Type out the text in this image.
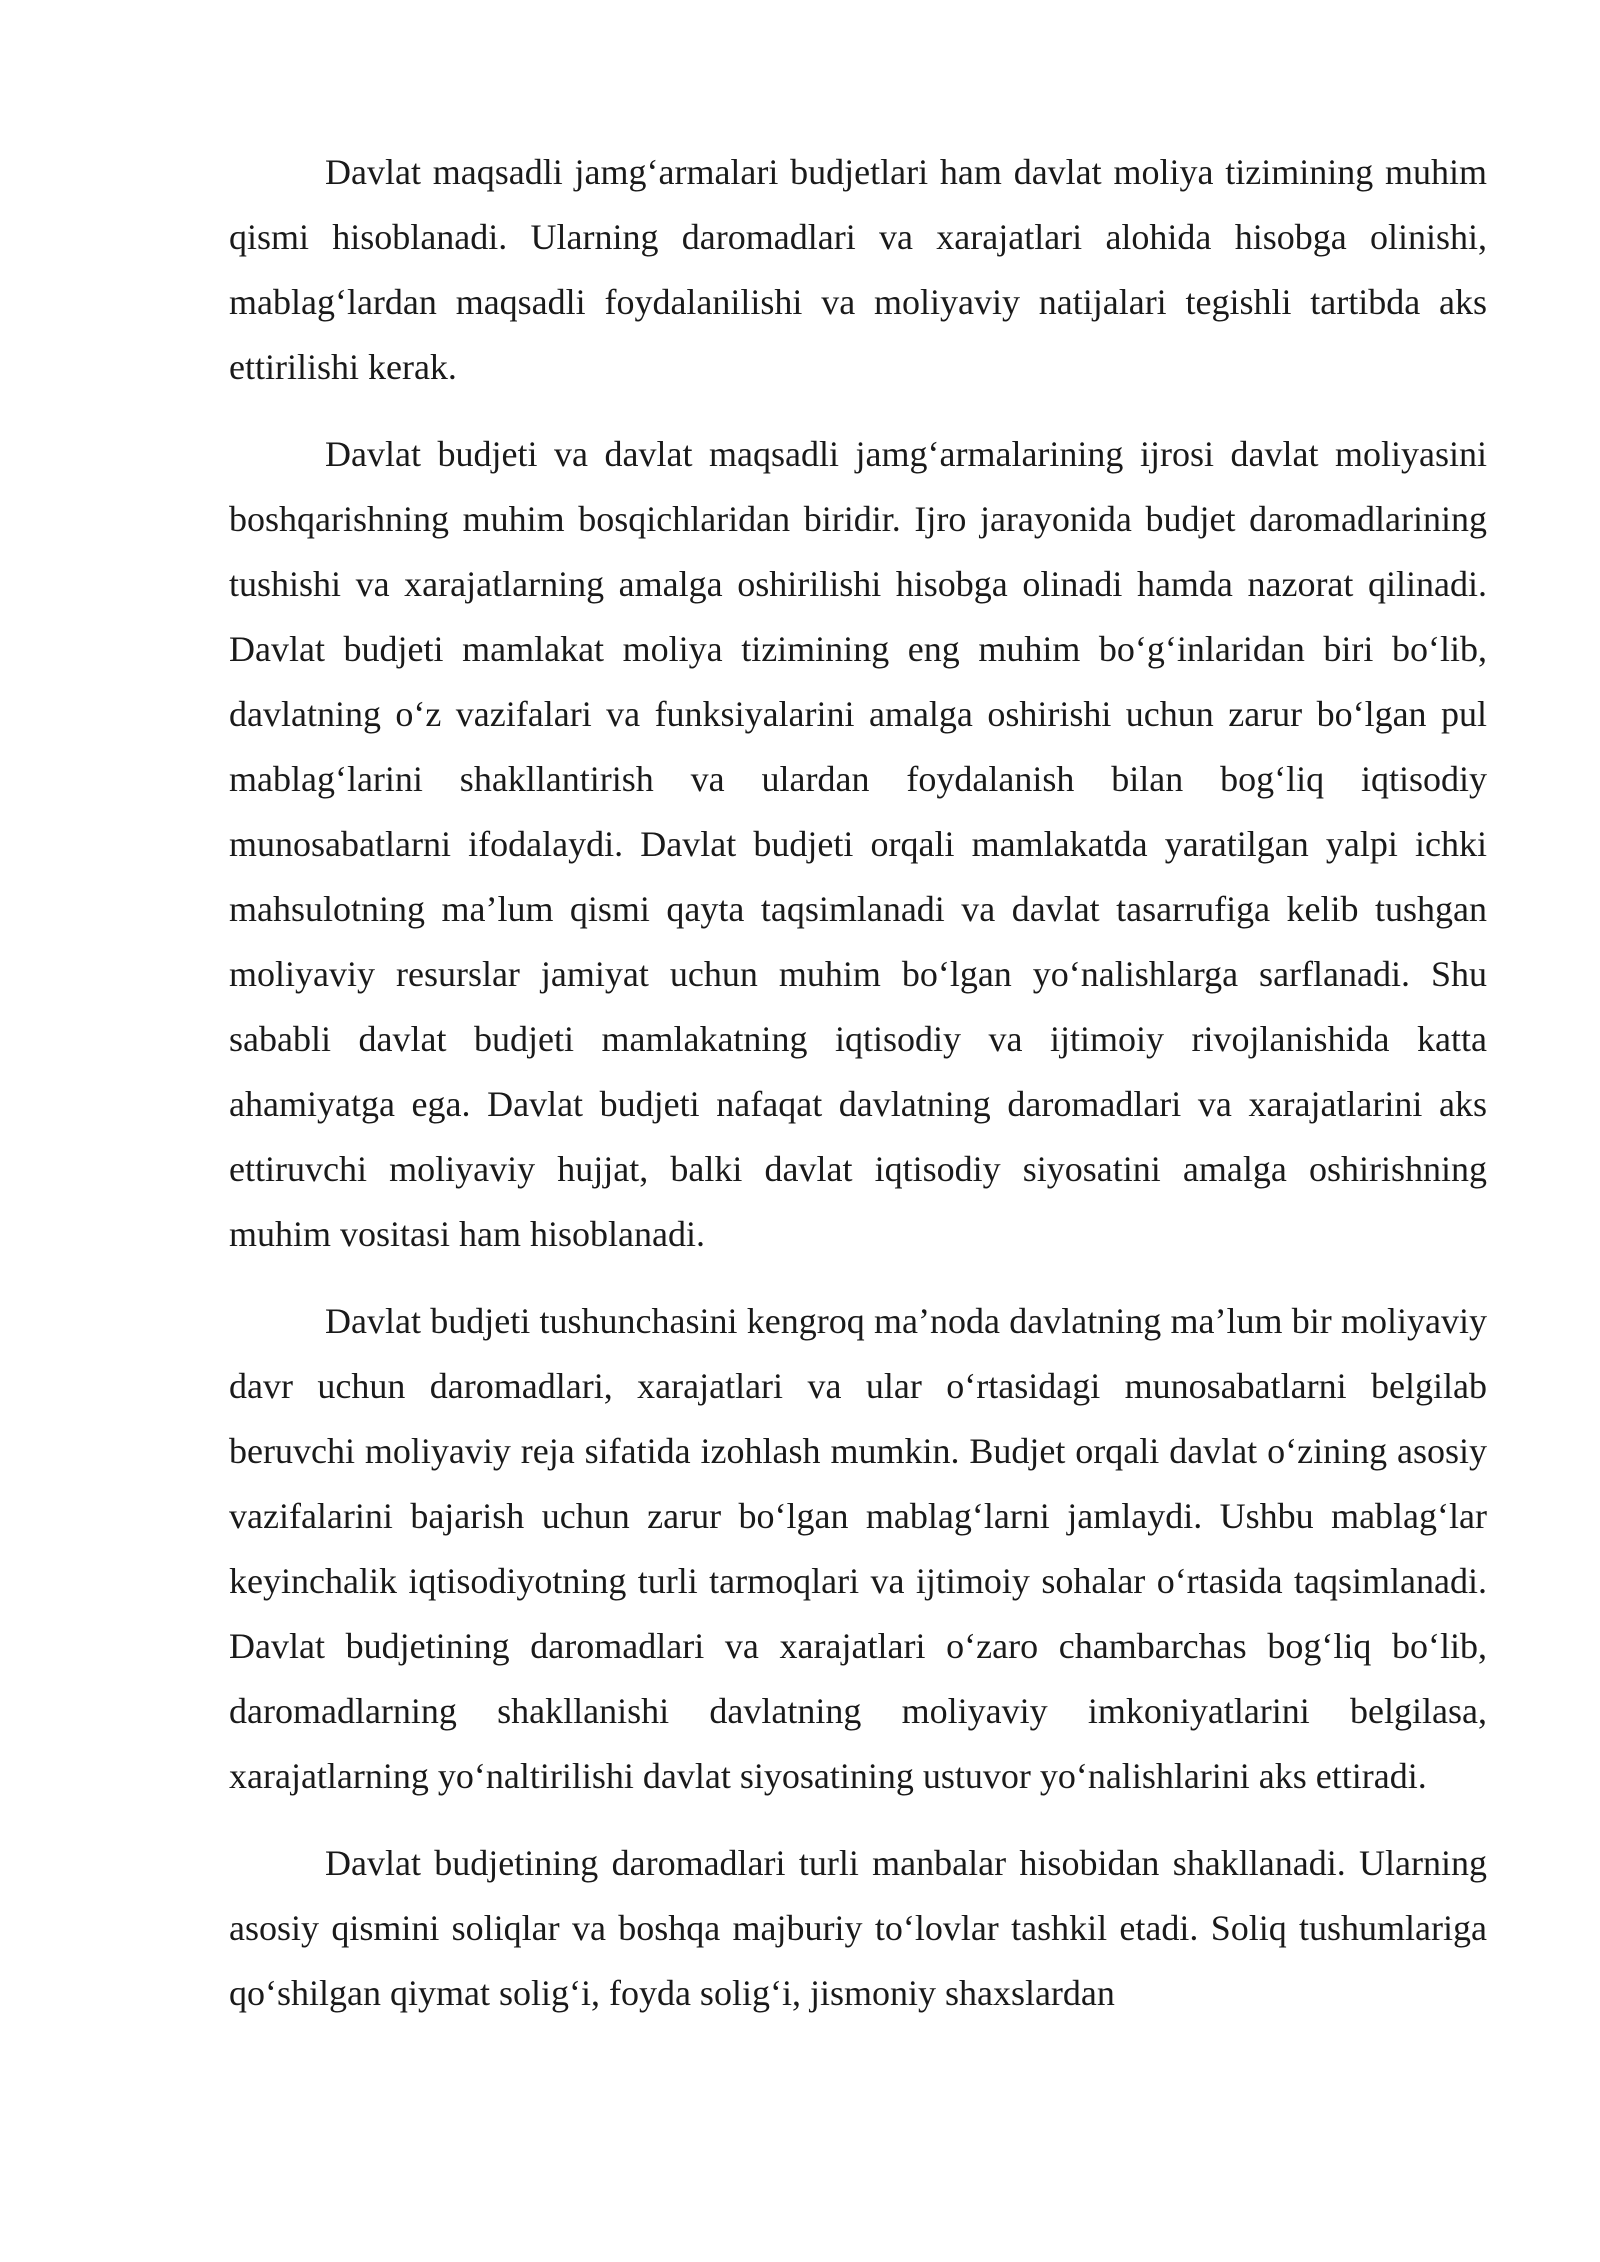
Davlat maqsadli jamg‘armalari budjetlari ham davlat moliya tizimining muhim qismi hisoblanadi. Ularning daromadlari va xarajatlari alohida hisobga olinishi, mablag‘lardan maqsadli foydalanilishi va moliyaviy natijalari tegishli tartibda aks ettirilishi kerak.

Davlat budjeti va davlat maqsadli jamg‘armalarining ijrosi davlat moliyasini boshqarishning muhim bosqichlaridan biridir. Ijro jarayonida budjet daromadlarining tushishi va xarajatlarning amalga oshirilishi hisobga olinadi hamda nazorat qilinadi. Davlat budjeti mamlakat moliya tizimining eng muhim bo‘g‘inlaridan biri bo‘lib, davlatning o‘z vazifalari va funksiyalarini amalga oshirishi uchun zarur bo‘lgan pul mablag‘larini shakllantirish va ulardan foydalanish bilan bog‘liq iqtisodiy munosabatlarni ifodalaydi. Davlat budjeti orqali mamlakatda yaratilgan yalpi ichki mahsulotning ma’lum qismi qayta taqsimlanadi va davlat tasarrufiga kelib tushgan moliyaviy resurslar jamiyat uchun muhim bo‘lgan yo‘nalishlarga sarflanadi. Shu sababli davlat budjeti mamlakatning iqtisodiy va ijtimoiy rivojlanishida katta ahamiyatga ega. Davlat budjeti nafaqat davlatning daromadlari va xarajatlarini aks ettiruvchi moliyaviy hujjat, balki davlat iqtisodiy siyosatini amalga oshirishning muhim vositasi ham hisoblanadi.

Davlat budjeti tushunchasini kengroq ma’noda davlatning ma’lum bir moliyaviy davr uchun daromadlari, xarajatlari va ular o‘rtasidagi munosabatlarni belgilab beruvchi moliyaviy reja sifatida izohlash mumkin. Budjet orqali davlat o‘zining asosiy vazifalarini bajarish uchun zarur bo‘lgan mablag‘larni jamlaydi. Ushbu mablag‘lar keyinchalik iqtisodiyotning turli tarmoqlari va ijtimoiy sohalar o‘rtasida taqsimlanadi. Davlat budjetining daromadlari va xarajatlari o‘zaro chambarchas bog‘liq bo‘lib, daromadlarning shakllanishi davlatning moliyaviy imkoniyatlarini belgilasa, xarajatlarning yo‘naltirilishi davlat siyosatining ustuvor yo‘nalishlarini aks ettiradi.

Davlat budjetining daromadlari turli manbalar hisobidan shakllanadi. Ularning asosiy qismini soliqlar va boshqa majburiy to‘lovlar tashkil etadi. Soliq tushumlariga qo‘shilgan qiymat solig‘i, foyda solig‘i, jismoniy shaxslardan
